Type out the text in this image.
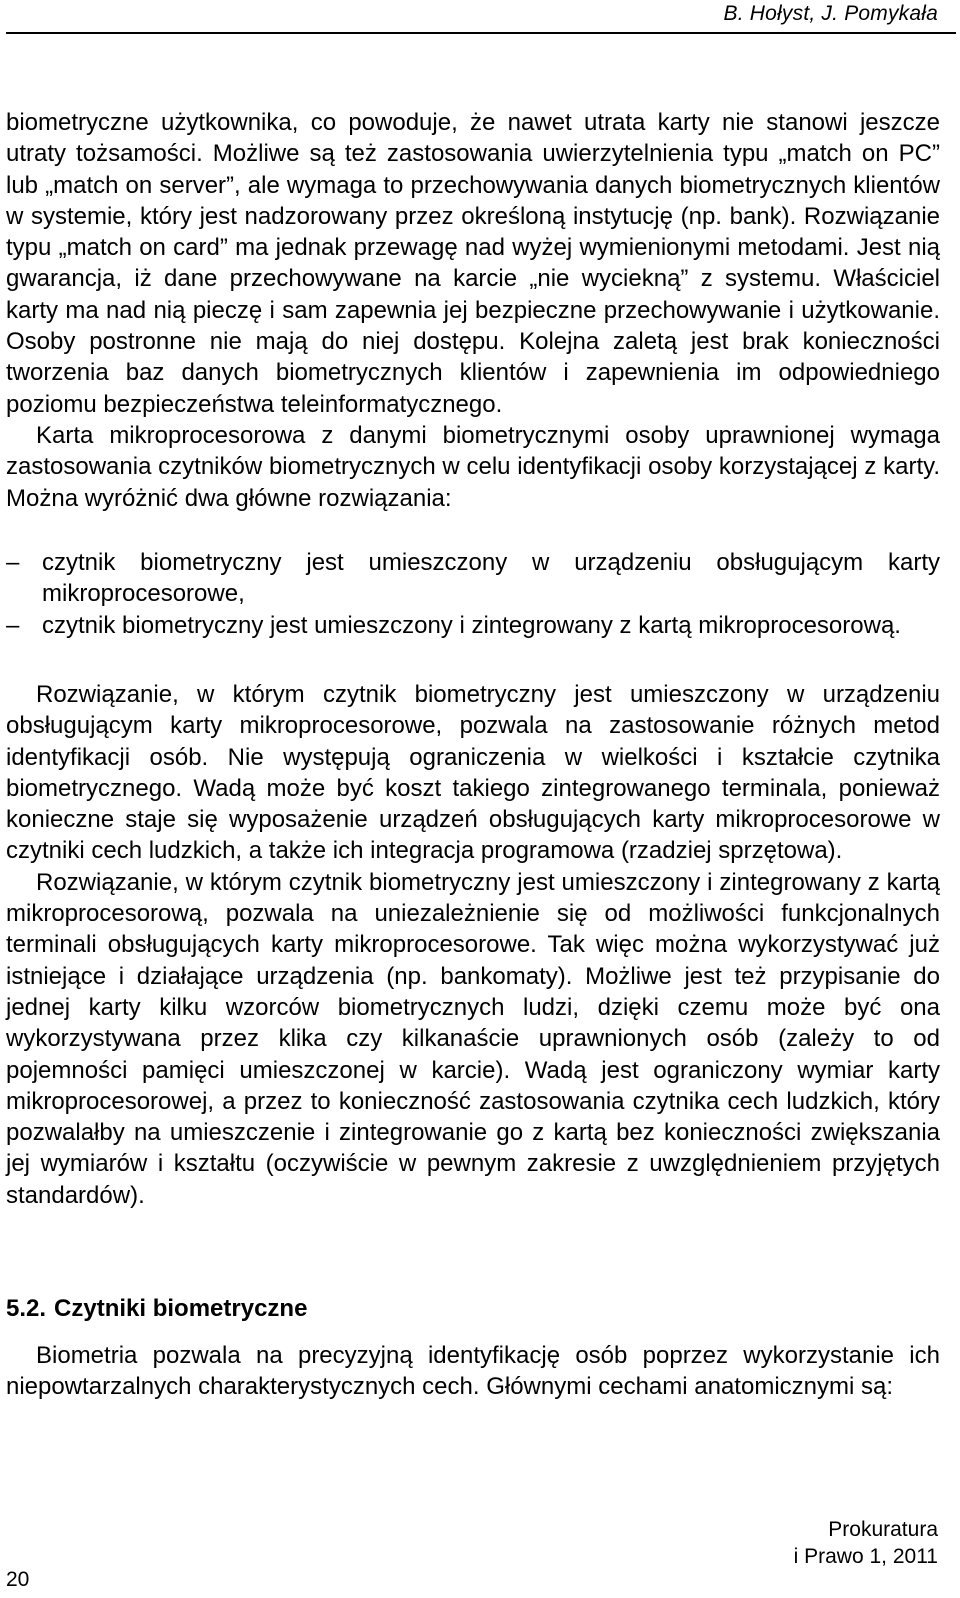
B. Hołyst, J. Pomykała

biometryczne użytkownika, co powoduje, że nawet utrata karty nie stanowi jeszcze utraty tożsamości. Możliwe są też zastosowania uwierzytelnienia typu „match on PC” lub „match on server”, ale wymaga to przechowywania danych biometrycznych klientów w systemie, który jest nadzorowany przez określoną instytucję (np. bank). Rozwiązanie typu „match on card” ma jednak przewagę nad wyżej wymienionymi metodami. Jest nią gwarancja, iż dane przechowywane na karcie „nie wyciekną” z systemu. Właściciel karty ma nad nią pieczę i sam zapewnia jej bezpieczne przechowywanie i użytkowanie. Osoby postronne nie mają do niej dostępu. Kolejna zaletą jest brak konieczności tworzenia baz danych biometrycznych klientów i zapewnienia im odpowiedniego poziomu bezpieczeństwa teleinformatycznego.

Karta mikroprocesorowa z danymi biometrycznymi osoby uprawnionej wymaga zastosowania czytników biometrycznych w celu identyfikacji osoby korzystającej z karty. Można wyróżnić dwa główne rozwiązania:

– czytnik biometryczny jest umieszczony w urządzeniu obsługującym karty mikroprocesorowe,
– czytnik biometryczny jest umieszczony i zintegrowany z kartą mikroprocesorową.

Rozwiązanie, w którym czytnik biometryczny jest umieszczony w urządzeniu obsługującym karty mikroprocesorowe, pozwala na zastosowanie różnych metod identyfikacji osób. Nie występują ograniczenia w wielkości i kształcie czytnika biometrycznego. Wadą może być koszt takiego zintegrowanego terminala, ponieważ konieczne staje się wyposażenie urządzeń obsługujących karty mikroprocesorowe w czytniki cech ludzkich, a także ich integracja programowa (rzadziej sprzętowa).

Rozwiązanie, w którym czytnik biometryczny jest umieszczony i zintegrowany z kartą mikroprocesorową, pozwala na uniezależnienie się od możliwości funkcjonalnych terminali obsługujących karty mikroprocesorowe. Tak więc można wykorzystywać już istniejące i działające urządzenia (np. bankomaty). Możliwe jest też przypisanie do jednej karty kilku wzorców biometrycznych ludzi, dzięki czemu może być ona wykorzystywana przez klika czy kilkanaście uprawnionych osób (zależy to od pojemności pamięci umieszczonej w karcie). Wadą jest ograniczony wymiar karty mikroprocesorowej, a przez to konieczność zastosowania czytnika cech ludzkich, który pozwalałby na umieszczenie i zintegrowanie go z kartą bez konieczności zwiększania jej wymiarów i kształtu (oczywiście w pewnym zakresie z uwzględnieniem przyjętych standardów).

5.2. Czytniki biometryczne

Biometria pozwala na precyzyjną identyfikację osób poprzez wykorzystanie ich niepowtarzalnych charakterystycznych cech. Głównymi cechami anatomicznymi są:

20
Prokuratura
i Prawo 1, 2011
